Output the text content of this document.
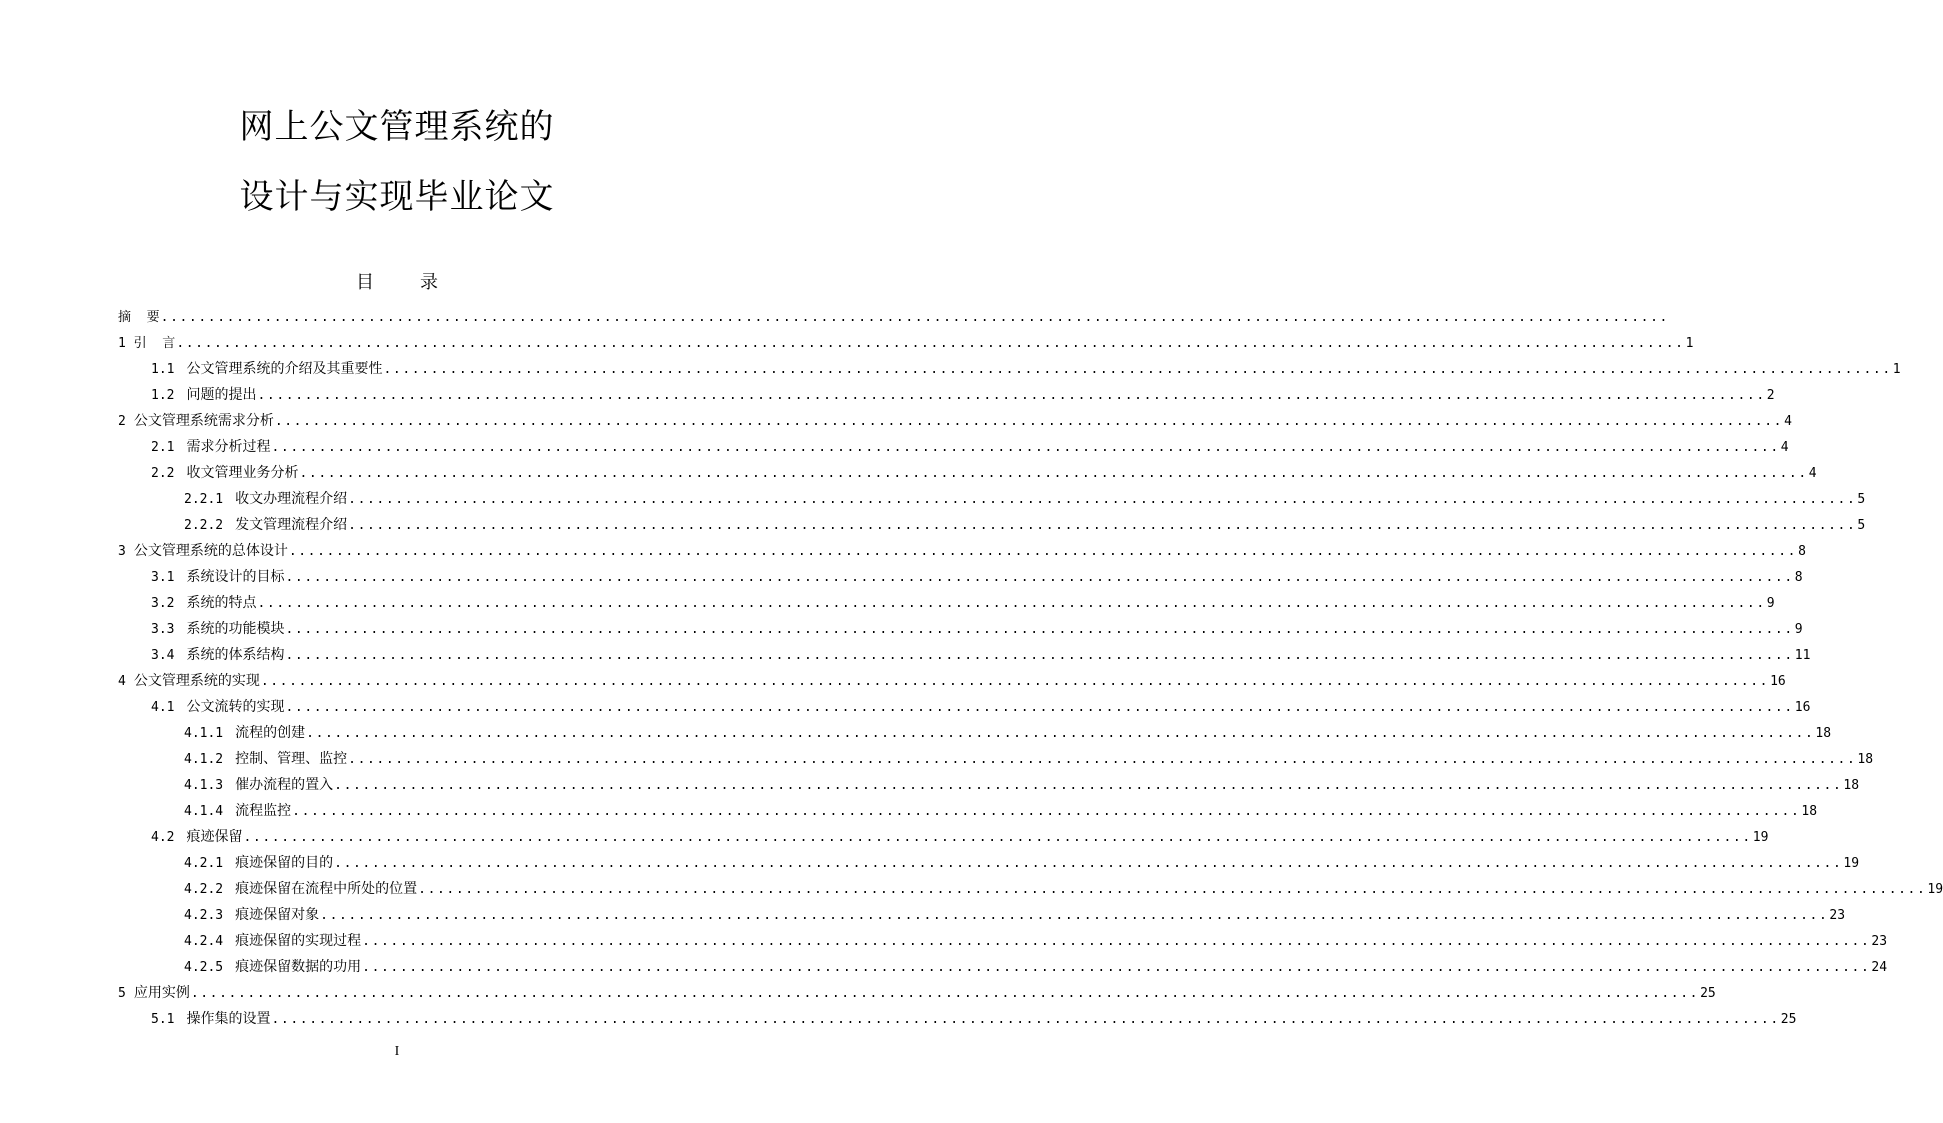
网上公文管理系统的
设计与实现毕业论文
目录
摘  要 ................................................................................................................................................................
1 引  言 ................................................................................................................................................................ 1
1.1 公文管理系统的介绍及其重要性 ................................................................................................................................................................ 1
1.2 问题的提出 ................................................................................................................................................................ 2
2 公文管理系统需求分析 ................................................................................................................................................................ 4
2.1 需求分析过程 ................................................................................................................................................................ 4
2.2 收文管理业务分析 ................................................................................................................................................................ 4
2.2.1 收文办理流程介绍 ................................................................................................................................................................ 5
2.2.2 发文管理流程介绍 ................................................................................................................................................................ 5
3 公文管理系统的总体设计 ................................................................................................................................................................ 8
3.1 系统设计的目标 ................................................................................................................................................................ 8
3.2 系统的特点 ................................................................................................................................................................ 9
3.3 系统的功能模块 ................................................................................................................................................................ 9
3.4 系统的体系结构 ................................................................................................................................................................ 11
4 公文管理系统的实现 ................................................................................................................................................................ 16
4.1 公文流转的实现 ................................................................................................................................................................ 16
4.1.1 流程的创建 ................................................................................................................................................................ 18
4.1.2 控制、管理、监控 ................................................................................................................................................................ 18
4.1.3 催办流程的置入 ................................................................................................................................................................ 18
4.1.4 流程监控 ................................................................................................................................................................ 18
4.2 痕迹保留 ................................................................................................................................................................ 19
4.2.1 痕迹保留的目的 ................................................................................................................................................................ 19
4.2.2 痕迹保留在流程中所处的位置 ................................................................................................................................................................ 19
4.2.3 痕迹保留对象 ................................................................................................................................................................ 23
4.2.4 痕迹保留的实现过程 ................................................................................................................................................................ 23
4.2.5 痕迹保留数据的功用 ................................................................................................................................................................ 24
5 应用实例 ................................................................................................................................................................ 25
5.1 操作集的设置 ................................................................................................................................................................ 25
I
